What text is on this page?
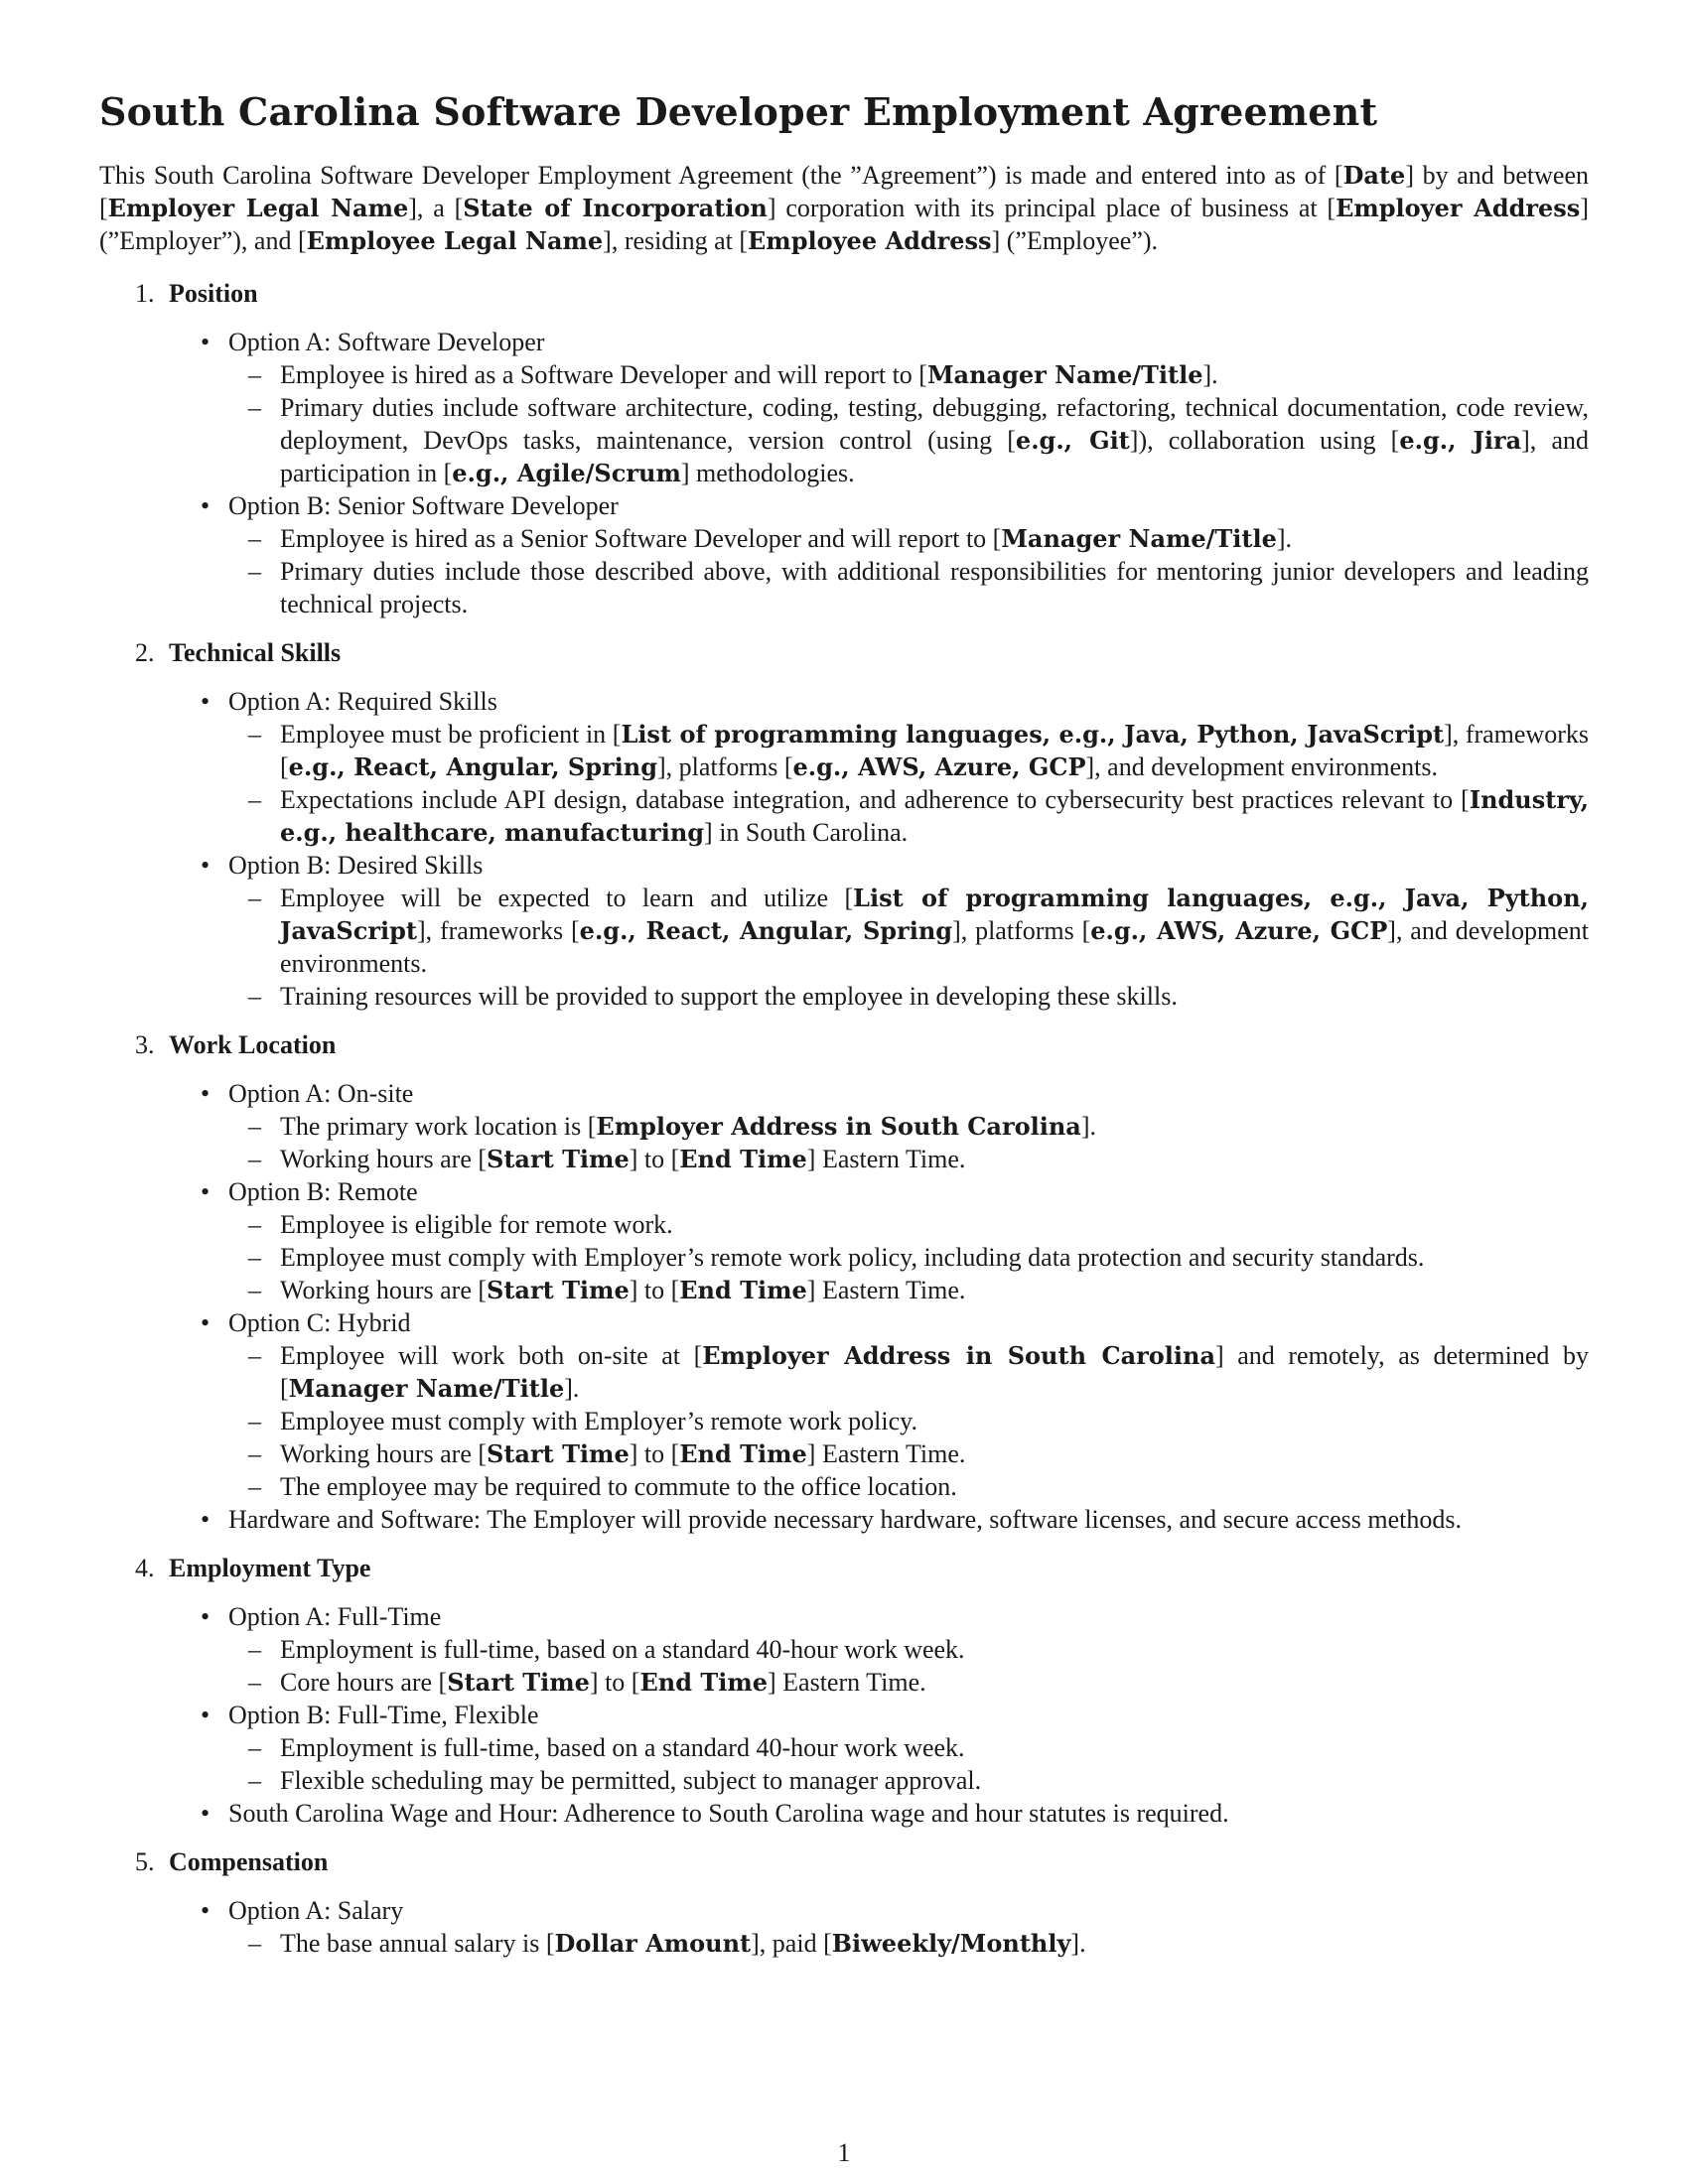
South Carolina Software Developer Employment Agreement

This South Carolina Software Developer Employment Agreement (the ”Agreement”) is made and entered into as of [Date] by and between [Employer Legal Name], a [State of Incorporation] corporation with its principal place of business at [Employer Address] (”Employer”), and [Employee Legal Name], residing at [Employee Address] (”Employee”).

1. Position
• Option A: Software Developer
– Employee is hired as a Software Developer and will report to [Manager Name/Title].
– Primary duties include software architecture, coding, testing, debugging, refactoring, technical documentation, code review, deployment, DevOps tasks, maintenance, version control (using [e.g., Git]), collaboration using [e.g., Jira], and participation in [e.g., Agile/Scrum] methodologies.
• Option B: Senior Software Developer
– Employee is hired as a Senior Software Developer and will report to [Manager Name/Title].
– Primary duties include those described above, with additional responsibilities for mentoring junior developers and leading technical projects.
2. Technical Skills
• Option A: Required Skills
– Employee must be proficient in [List of programming languages, e.g., Java, Python, JavaScript], frameworks [e.g., React, Angular, Spring], platforms [e.g., AWS, Azure, GCP], and development environments.
– Expectations include API design, database integration, and adherence to cybersecurity best practices relevant to [Industry, e.g., healthcare, manufacturing] in South Carolina.
• Option B: Desired Skills
– Employee will be expected to learn and utilize [List of programming languages, e.g., Java, Python, JavaScript], frameworks [e.g., React, Angular, Spring], platforms [e.g., AWS, Azure, GCP], and development environments.
– Training resources will be provided to support the employee in developing these skills.
3. Work Location
• Option A: On-site
– The primary work location is [Employer Address in South Carolina].
– Working hours are [Start Time] to [End Time] Eastern Time.
• Option B: Remote
– Employee is eligible for remote work.
– Employee must comply with Employer’s remote work policy, including data protection and security standards.
– Working hours are [Start Time] to [End Time] Eastern Time.
• Option C: Hybrid
– Employee will work both on-site at [Employer Address in South Carolina] and remotely, as determined by [Manager Name/Title].
– Employee must comply with Employer’s remote work policy.
– Working hours are [Start Time] to [End Time] Eastern Time.
– The employee may be required to commute to the office location.
• Hardware and Software: The Employer will provide necessary hardware, software licenses, and secure access methods.
4. Employment Type
• Option A: Full-Time
– Employment is full-time, based on a standard 40-hour work week.
– Core hours are [Start Time] to [End Time] Eastern Time.
• Option B: Full-Time, Flexible
– Employment is full-time, based on a standard 40-hour work week.
– Flexible scheduling may be permitted, subject to manager approval.
• South Carolina Wage and Hour: Adherence to South Carolina wage and hour statutes is required.
5. Compensation
• Option A: Salary
– The base annual salary is [Dollar Amount], paid [Biweekly/Monthly].
1
